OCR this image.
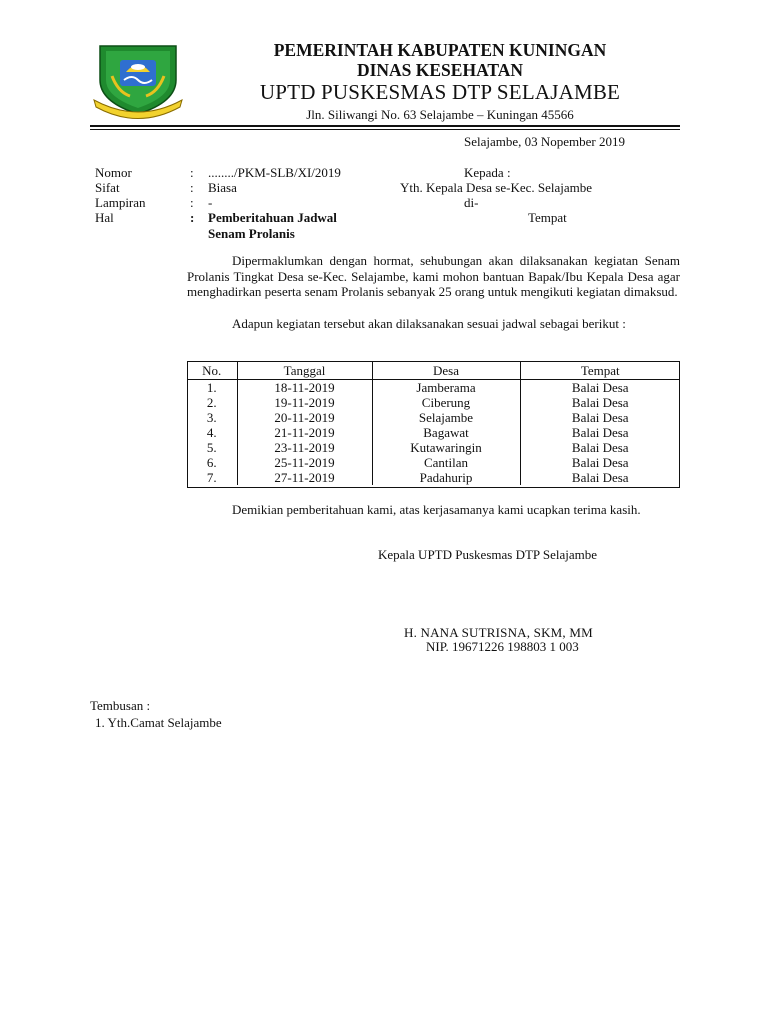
PEMERINTAH KABUPATEN KUNINGAN
DINAS KESEHATAN
UPTD PUSKESMAS DTP SELAJAMBE
Jln. Siliwangi No. 63 Selajambe – Kuningan 45566
Selajambe, 03 Nopember 2019
Nomor	: ......../PKM-SLB/XI/2019
Sifat	: Biasa
Lampiran	: -
Hal	: Pemberitahuan Jadwal
Senam Prolanis
Kepada :
Yth. Kepala Desa se-Kec. Selajambe
di-
Tempat
Dipermaklumkan dengan hormat, sehubungan akan dilaksanakan kegiatan Senam Prolanis Tingkat Desa se-Kec. Selajambe, kami mohon bantuan Bapak/Ibu Kepala Desa agar menghadirkan peserta senam Prolanis sebanyak 25 orang untuk mengikuti kegiatan dimaksud.
Adapun kegiatan tersebut akan dilaksanakan sesuai jadwal sebagai berikut :
No.	Tanggal	Desa	Tempat
1.	18-11-2019	Jamberama	Balai Desa
2.	19-11-2019	Ciberung	Balai Desa
3.	20-11-2019	Selajambe	Balai Desa
4.	21-11-2019	Bagawat	Balai Desa
5.	23-11-2019	Kutawaringin	Balai Desa
6.	25-11-2019	Cantilan	Balai Desa
7.	27-11-2019	Padahurip	Balai Desa
Demikian pemberitahuan kami, atas kerjasamanya kami ucapkan terima kasih.
Kepala UPTD Puskesmas DTP Selajambe
H. NANA SUTRISNA, SKM, MM
NIP. 19671226 198803 1 003
Tembusan :
1. Yth.Camat Selajambe
